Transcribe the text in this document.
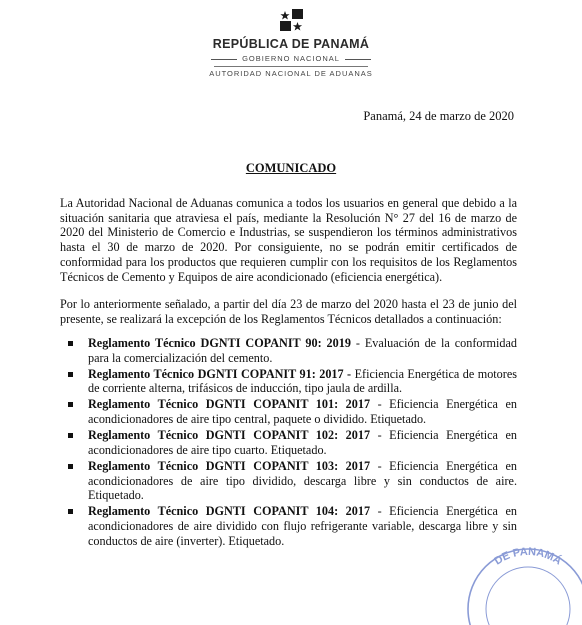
REPÚBLICA DE PANAMÁ
GOBIERNO NACIONAL
AUTORIDAD NACIONAL DE ADUANAS
Panamá, 24 de marzo de 2020
COMUNICADO
La Autoridad Nacional de Aduanas comunica a todos los usuarios en general que debido a la situación sanitaria que atraviesa el país, mediante la Resolución N° 27 del 16 de marzo de 2020 del Ministerio de Comercio e Industrias, se suspendieron los términos administrativos hasta el 30 de marzo de 2020. Por consiguiente, no se podrán emitir certificados de conformidad para los productos que requieren cumplir con los requisitos de los Reglamentos Técnicos de Cemento y Equipos de aire acondicionado (eficiencia energética).
Por lo anteriormente señalado, a partir del día 23 de marzo del 2020 hasta el 23 de junio del presente, se realizará la excepción de los Reglamentos Técnicos detallados a continuación:
Reglamento Técnico DGNTI COPANIT 90: 2019 - Evaluación de la conformidad para la comercialización del cemento.
Reglamento Técnico DGNTI COPANIT 91: 2017 - Eficiencia Energética de motores de corriente alterna, trifásicos de inducción, tipo jaula de ardilla.
Reglamento Técnico DGNTI COPANIT 101: 2017 - Eficiencia Energética en acondicionadores de aire tipo central, paquete o dividido. Etiquetado.
Reglamento Técnico DGNTI COPANIT 102: 2017 - Eficiencia Energética en acondicionadores de aire tipo cuarto. Etiquetado.
Reglamento Técnico DGNTI COPANIT 103: 2017 - Eficiencia Energética en acondicionadores de aire tipo dividido, descarga libre y sin conductos de aire. Etiquetado.
Reglamento Técnico DGNTI COPANIT 104: 2017 - Eficiencia Energética en acondicionadores de aire dividido con flujo refrigerante variable, descarga libre y sin conductos de aire (inverter). Etiquetado.
DE PANAMÁ
